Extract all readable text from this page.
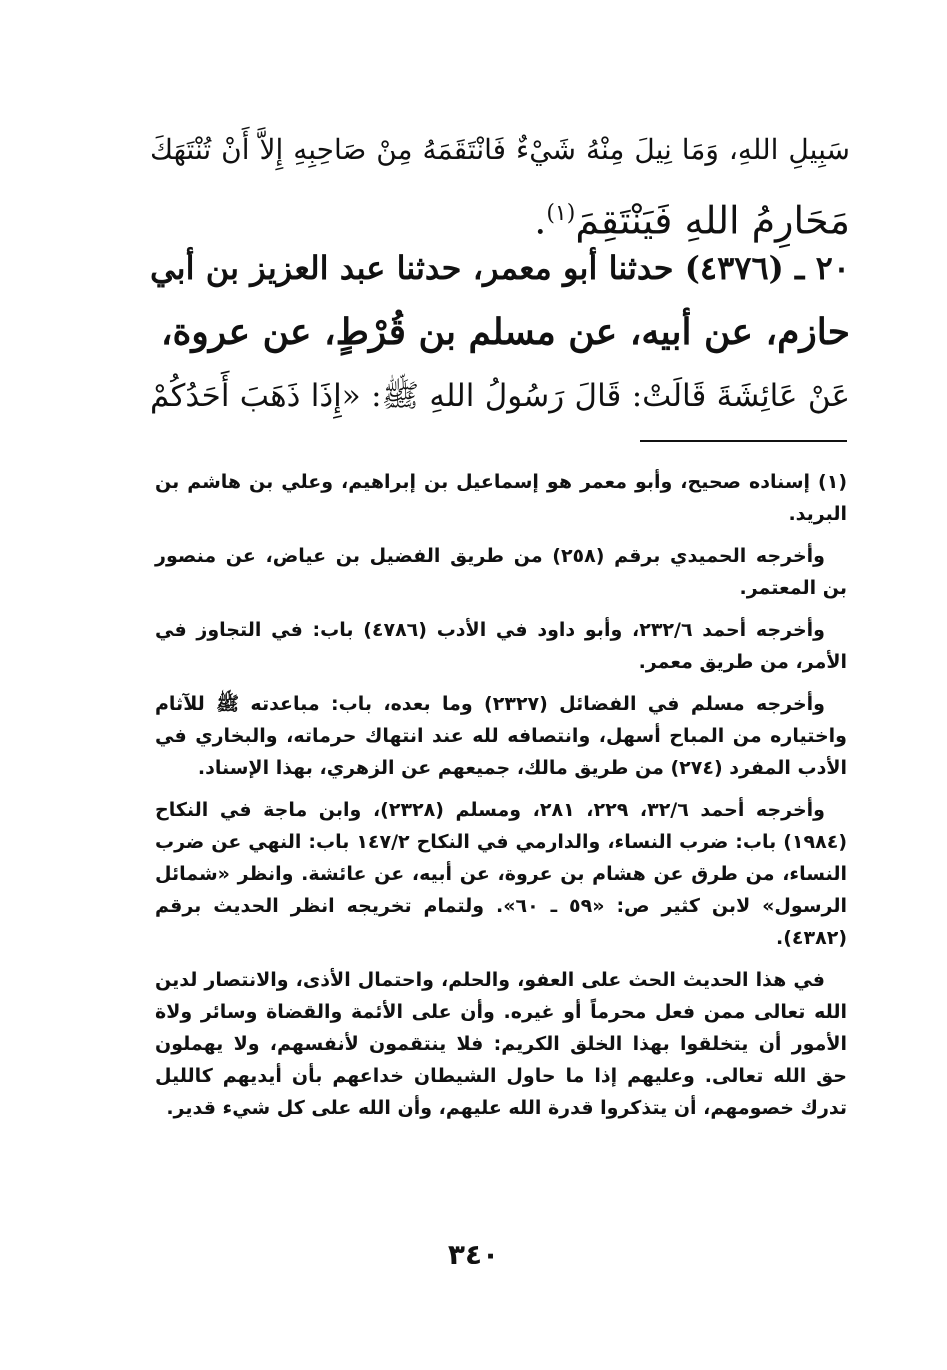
سَبِيلِ اللهِ، وَمَا نِيلَ مِنْهُ شَيْءٌ فَانْتَقَمَهُ مِنْ صَاحِبِهِ إِلاَّ أَنْ تُنْتَهَكَ
مَحَارِمُ اللهِ فَيَنْتَقِمَ$^{(١)}$.
٢٠ ـ (٤٣٧٦) حدثنا أبو معمر، حدثنا عبد العزيز بن أبي
حازم، عن أبيه، عن مسلم بن قُرْطٍ، عن عروة،
عَنْ عَائِشَةَ قَالَتْ: قَالَ رَسُولُ اللهِ ﷺ: «إِذَا ذَهَبَ أَحَدُكُمْ

(١) إسناده صحيح، وأبو معمر هو إسماعيل بن إبراهيم، وعلي بن هاشم بن البريد.

وأخرجه الحميدي برقم (٢٥٨) من طريق الفضيل بن عياض، عن منصور بن المعتمر.

وأخرجه أحمد ٢٣٢/٦، وأبو داود في الأدب (٤٧٨٦) باب: في التجاوز في الأمر، من طريق معمر.

وأخرجه مسلم في الفضائل (٢٣٢٧) وما بعده، باب: مباعدته ﷺ للآثام واختياره من المباح أسهل، وانتصافه لله عند انتهاك حرماته، والبخاري في الأدب المفرد (٢٧٤) من طريق مالك، جميعهم عن الزهري، بهذا الإسناد.

وأخرجه أحمد ٣٢/٦، ٢٢٩، ٢٨١، ومسلم (٢٣٢٨)، وابن ماجة في النكاح (١٩٨٤) باب: ضرب النساء، والدارمي في النكاح ١٤٧/٢ باب: النهي عن ضرب النساء، من طرق عن هشام بن عروة، عن أبيه، عن عائشة. وانظر «شمائل الرسول» لابن كثير ص: «٥٩ ـ ٦٠». ولتمام تخريجه انظر الحديث برقم (٤٣٨٢).

في هذا الحديث الحث على العفو، والحلم، واحتمال الأذى، والانتصار لدين الله تعالى ممن فعل محرماً أو غيره. وأن على الأئمة والقضاة وسائر ولاة الأمور أن يتخلقوا بهذا الخلق الكريم: فلا ينتقمون لأنفسهم، ولا يهملون حق الله تعالى. وعليهم إذا ما حاول الشيطان خداعهم بأن أيديهم كالليل تدرك خصومهم، أن يتذكروا قدرة الله عليهم، وأن الله على كل شيء قدير.

٣٤٠
